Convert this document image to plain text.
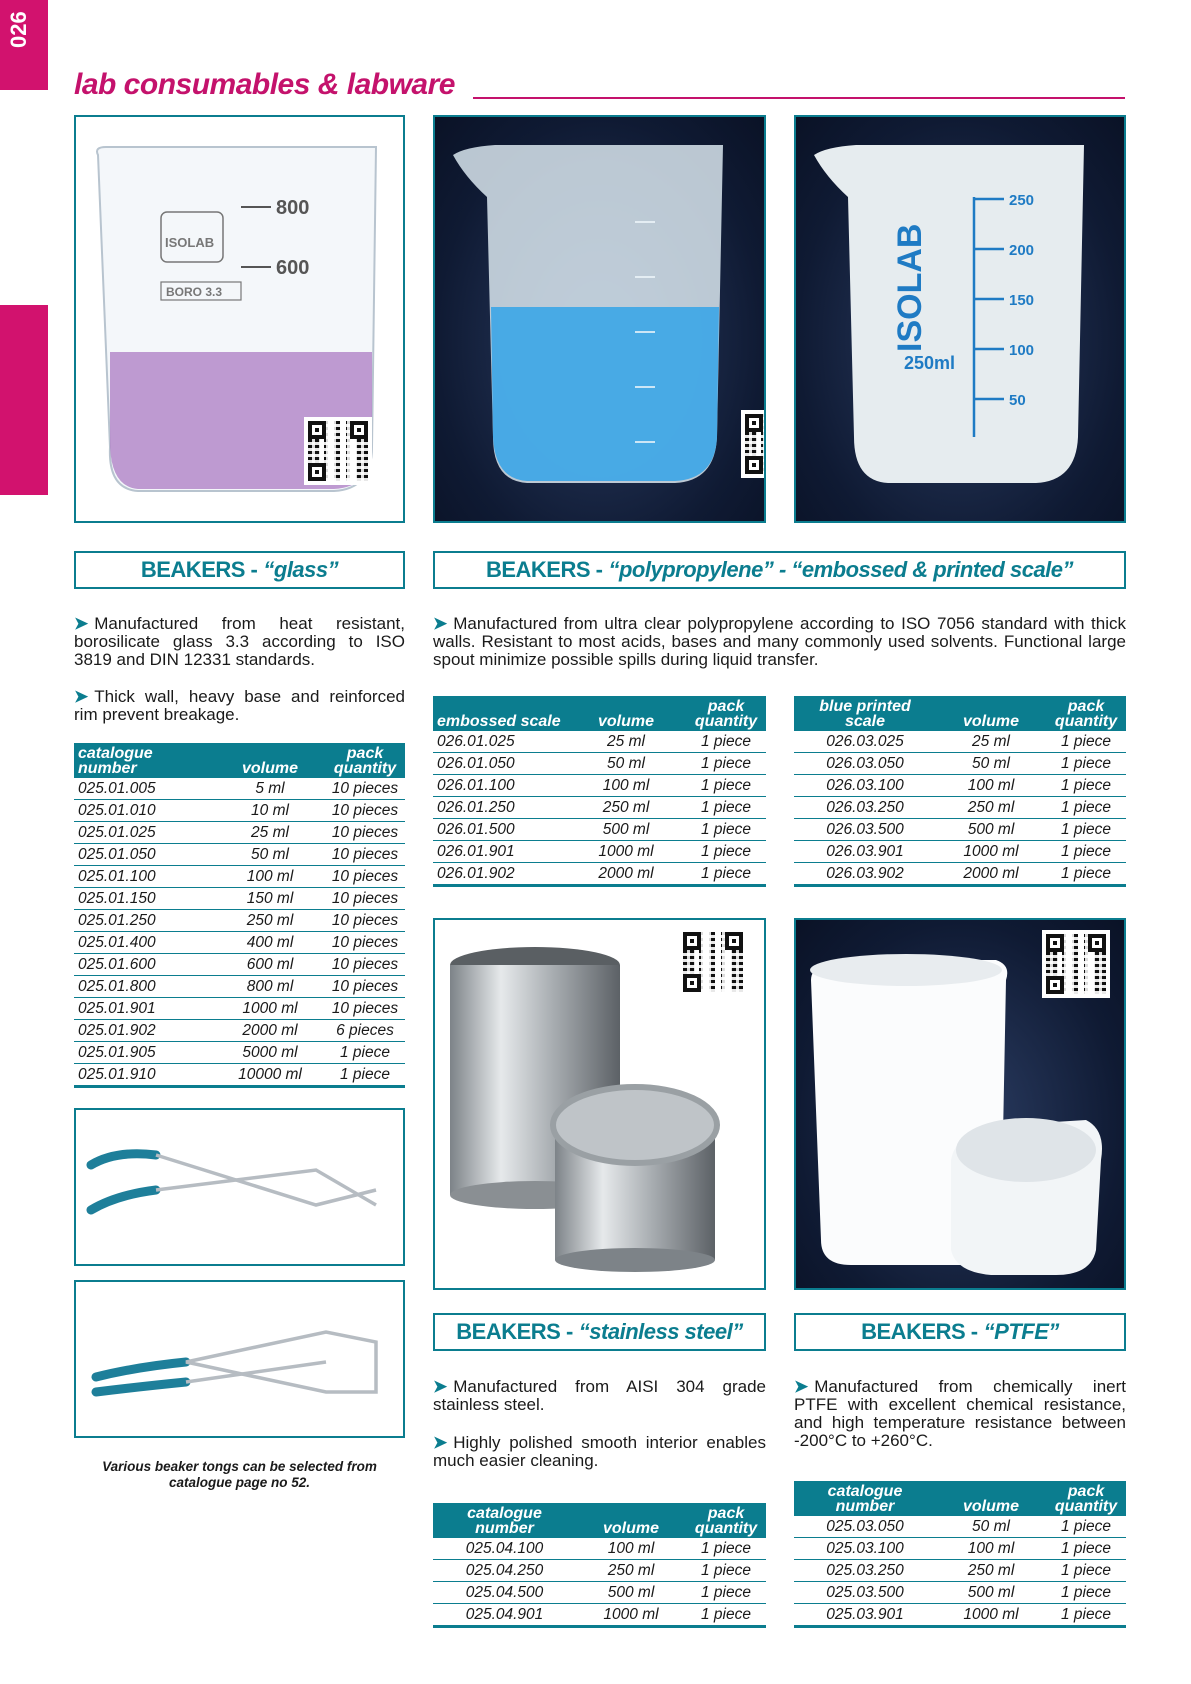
026
lab consumables & labware
800
600
ISOLAB
BORO 3.3	ISOLAB
250ml
250
200
150
100
50
BEAKERS - “glass”	BEAKERS - “polypropylene” - “embossed & printed scale”
➤ Manufactured from heat resistant, borosilicate glass 3.3 according to ISO 3819 and DIN 12331 standards.
➤ Thick wall, heavy base and reinforced rim prevent breakage.
➤ Manufactured from ultra clear polypropylene according to ISO 7056 standard with thick walls. Resistant to most acids, bases and many commonly used solvents. Functional large spout minimize possible spills during liquid transfer.
catalogue number	volume	pack quantity
025.01.005	5 ml	10 pieces
025.01.010	10 ml	10 pieces
025.01.025	25 ml	10 pieces
025.01.050	50 ml	10 pieces
025.01.100	100 ml	10 pieces
025.01.150	150 ml	10 pieces
025.01.250	250 ml	10 pieces
025.01.400	400 ml	10 pieces
025.01.600	600 ml	10 pieces
025.01.800	800 ml	10 pieces
025.01.901	1000 ml	10 pieces
025.01.902	2000 ml	6 pieces
025.01.905	5000 ml	1 piece
025.01.910	10000 ml	1 piece
embossed scale	volume	pack quantity
026.01.025	25 ml	1 piece
026.01.050	50 ml	1 piece
026.01.100	100 ml	1 piece
026.01.250	250 ml	1 piece
026.01.500	500 ml	1 piece
026.01.901	1000 ml	1 piece
026.01.902	2000 ml	1 piece
blue printed scale	volume	pack quantity
026.03.025	25 ml	1 piece
026.03.050	50 ml	1 piece
026.03.100	100 ml	1 piece
026.03.250	250 ml	1 piece
026.03.500	500 ml	1 piece
026.03.901	1000 ml	1 piece
026.03.902	2000 ml	1 piece
Various beaker tongs can be selected from catalogue page no 52.
BEAKERS - “stainless steel”	BEAKERS - “PTFE”
➤ Manufactured from AISI 304 grade stainless steel.
➤ Highly polished smooth interior enables much easier cleaning.
➤ Manufactured from chemically inert PTFE with excellent chemical resistance, and high temperature resistance between -200°C to +260°C.
catalogue number	volume	pack quantity
025.04.100	100 ml	1 piece
025.04.250	250 ml	1 piece
025.04.500	500 ml	1 piece
025.04.901	1000 ml	1 piece
catalogue number	volume	pack quantity
025.03.050	50 ml	1 piece
025.03.100	100 ml	1 piece
025.03.250	250 ml	1 piece
025.03.500	500 ml	1 piece
025.03.901	1000 ml	1 piece
